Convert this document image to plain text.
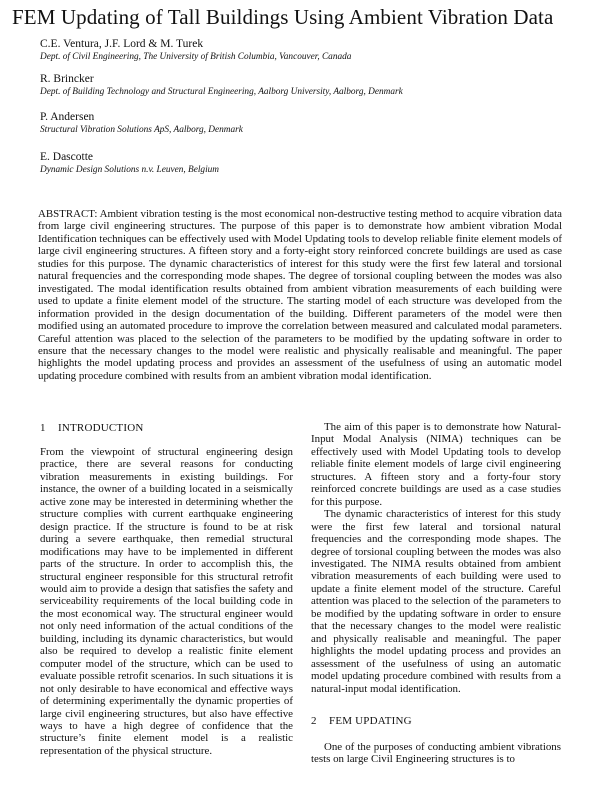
FEM Updating of Tall Buildings Using Ambient Vibration Data
C.E. Ventura, J.F. Lord & M. Turek
Dept. of Civil Engineering, The University of British Columbia, Vancouver, Canada
R. Brincker
Dept. of Building Technology and Structural Engineering, Aalborg University, Aalborg, Denmark
P. Andersen
Structural Vibration Solutions ApS, Aalborg, Denmark
E. Dascotte
Dynamic Design Solutions n.v. Leuven, Belgium
ABSTRACT: Ambient vibration testing is the most economical non-destructive testing method to acquire vibration data from large civil engineering structures. The purpose of this paper is to demonstrate how ambient vibration Modal Identification techniques can be effectively used with Model Updating tools to develop reliable finite element models of large civil engineering structures. A fifteen story and a forty-eight story reinforced concrete buildings are used as case studies for this purpose. The dynamic characteristics of interest for this study were the first few lateral and torsional natural frequencies and the corresponding mode shapes. The degree of torsional coupling between the modes was also investigated. The modal identification results obtained from ambient vibration measurements of each building were used to update a finite element model of the structure. The starting model of each structure was developed from the information provided in the design documentation of the building. Different parameters of the model were then modified using an automated procedure to improve the correlation between measured and calculated modal parameters. Careful attention was placed to the selection of the parameters to be modified by the updating software in order to ensure that the necessary changes to the model were realistic and physically realisable and meaningful. The paper highlights the model updating process and provides an assessment of the usefulness of using an automatic model updating procedure combined with results from an ambient vibration modal identification.
1 INTRODUCTION

From the viewpoint of structural engineering design practice, there are several reasons for conducting vibration measurements in existing buildings. For instance, the owner of a building located in a seismically active zone may be interested in determining whether the structure complies with current earthquake engineering design practice. If the structure is found to be at risk during a severe earthquake, then remedial structural modifications may have to be implemented in different parts of the structure. In order to accomplish this, the structural engineer responsible for this structural retrofit would aim to provide a design that satisfies the safety and serviceability requirements of the local building code in the most economical way. The structural engineer would not only need information of the actual conditions of the building, including its dynamic characteristics, but would also be required to develop a realistic finite element computer model of the structure, which can be used to evaluate possible retrofit scenarios. In such situations it is not only desirable to have economical and effective ways of determining experimentally the dynamic properties of large civil engineering structures, but also have effective ways to have a high degree of confidence that the structure’s finite element model is a realistic representation of the physical structure.

The aim of this paper is to demonstrate how Natural-Input Modal Analysis (NIMA) techniques can be effectively used with Model Updating tools to develop reliable finite element models of large civil engineering structures. A fifteen story and a forty-four story reinforced concrete buildings are used as a case studies for this purpose.

The dynamic characteristics of interest for this study were the first few lateral and torsional natural frequencies and the corresponding mode shapes. The degree of torsional coupling between the modes was also investigated. The NIMA results obtained from ambient vibration measurements of each building were used to update a finite element model of the structure. Careful attention was placed to the selection of the parameters to be modified by the updating software in order to ensure that the necessary changes to the model were realistic and physically realisable and meaningful. The paper highlights the model updating process and provides an assessment of the usefulness of using an automatic model updating procedure combined with results from a natural-input modal identification.

2 FEM UPDATING

One of the purposes of conducting ambient vibrations tests on large Civil Engineering structures is to
